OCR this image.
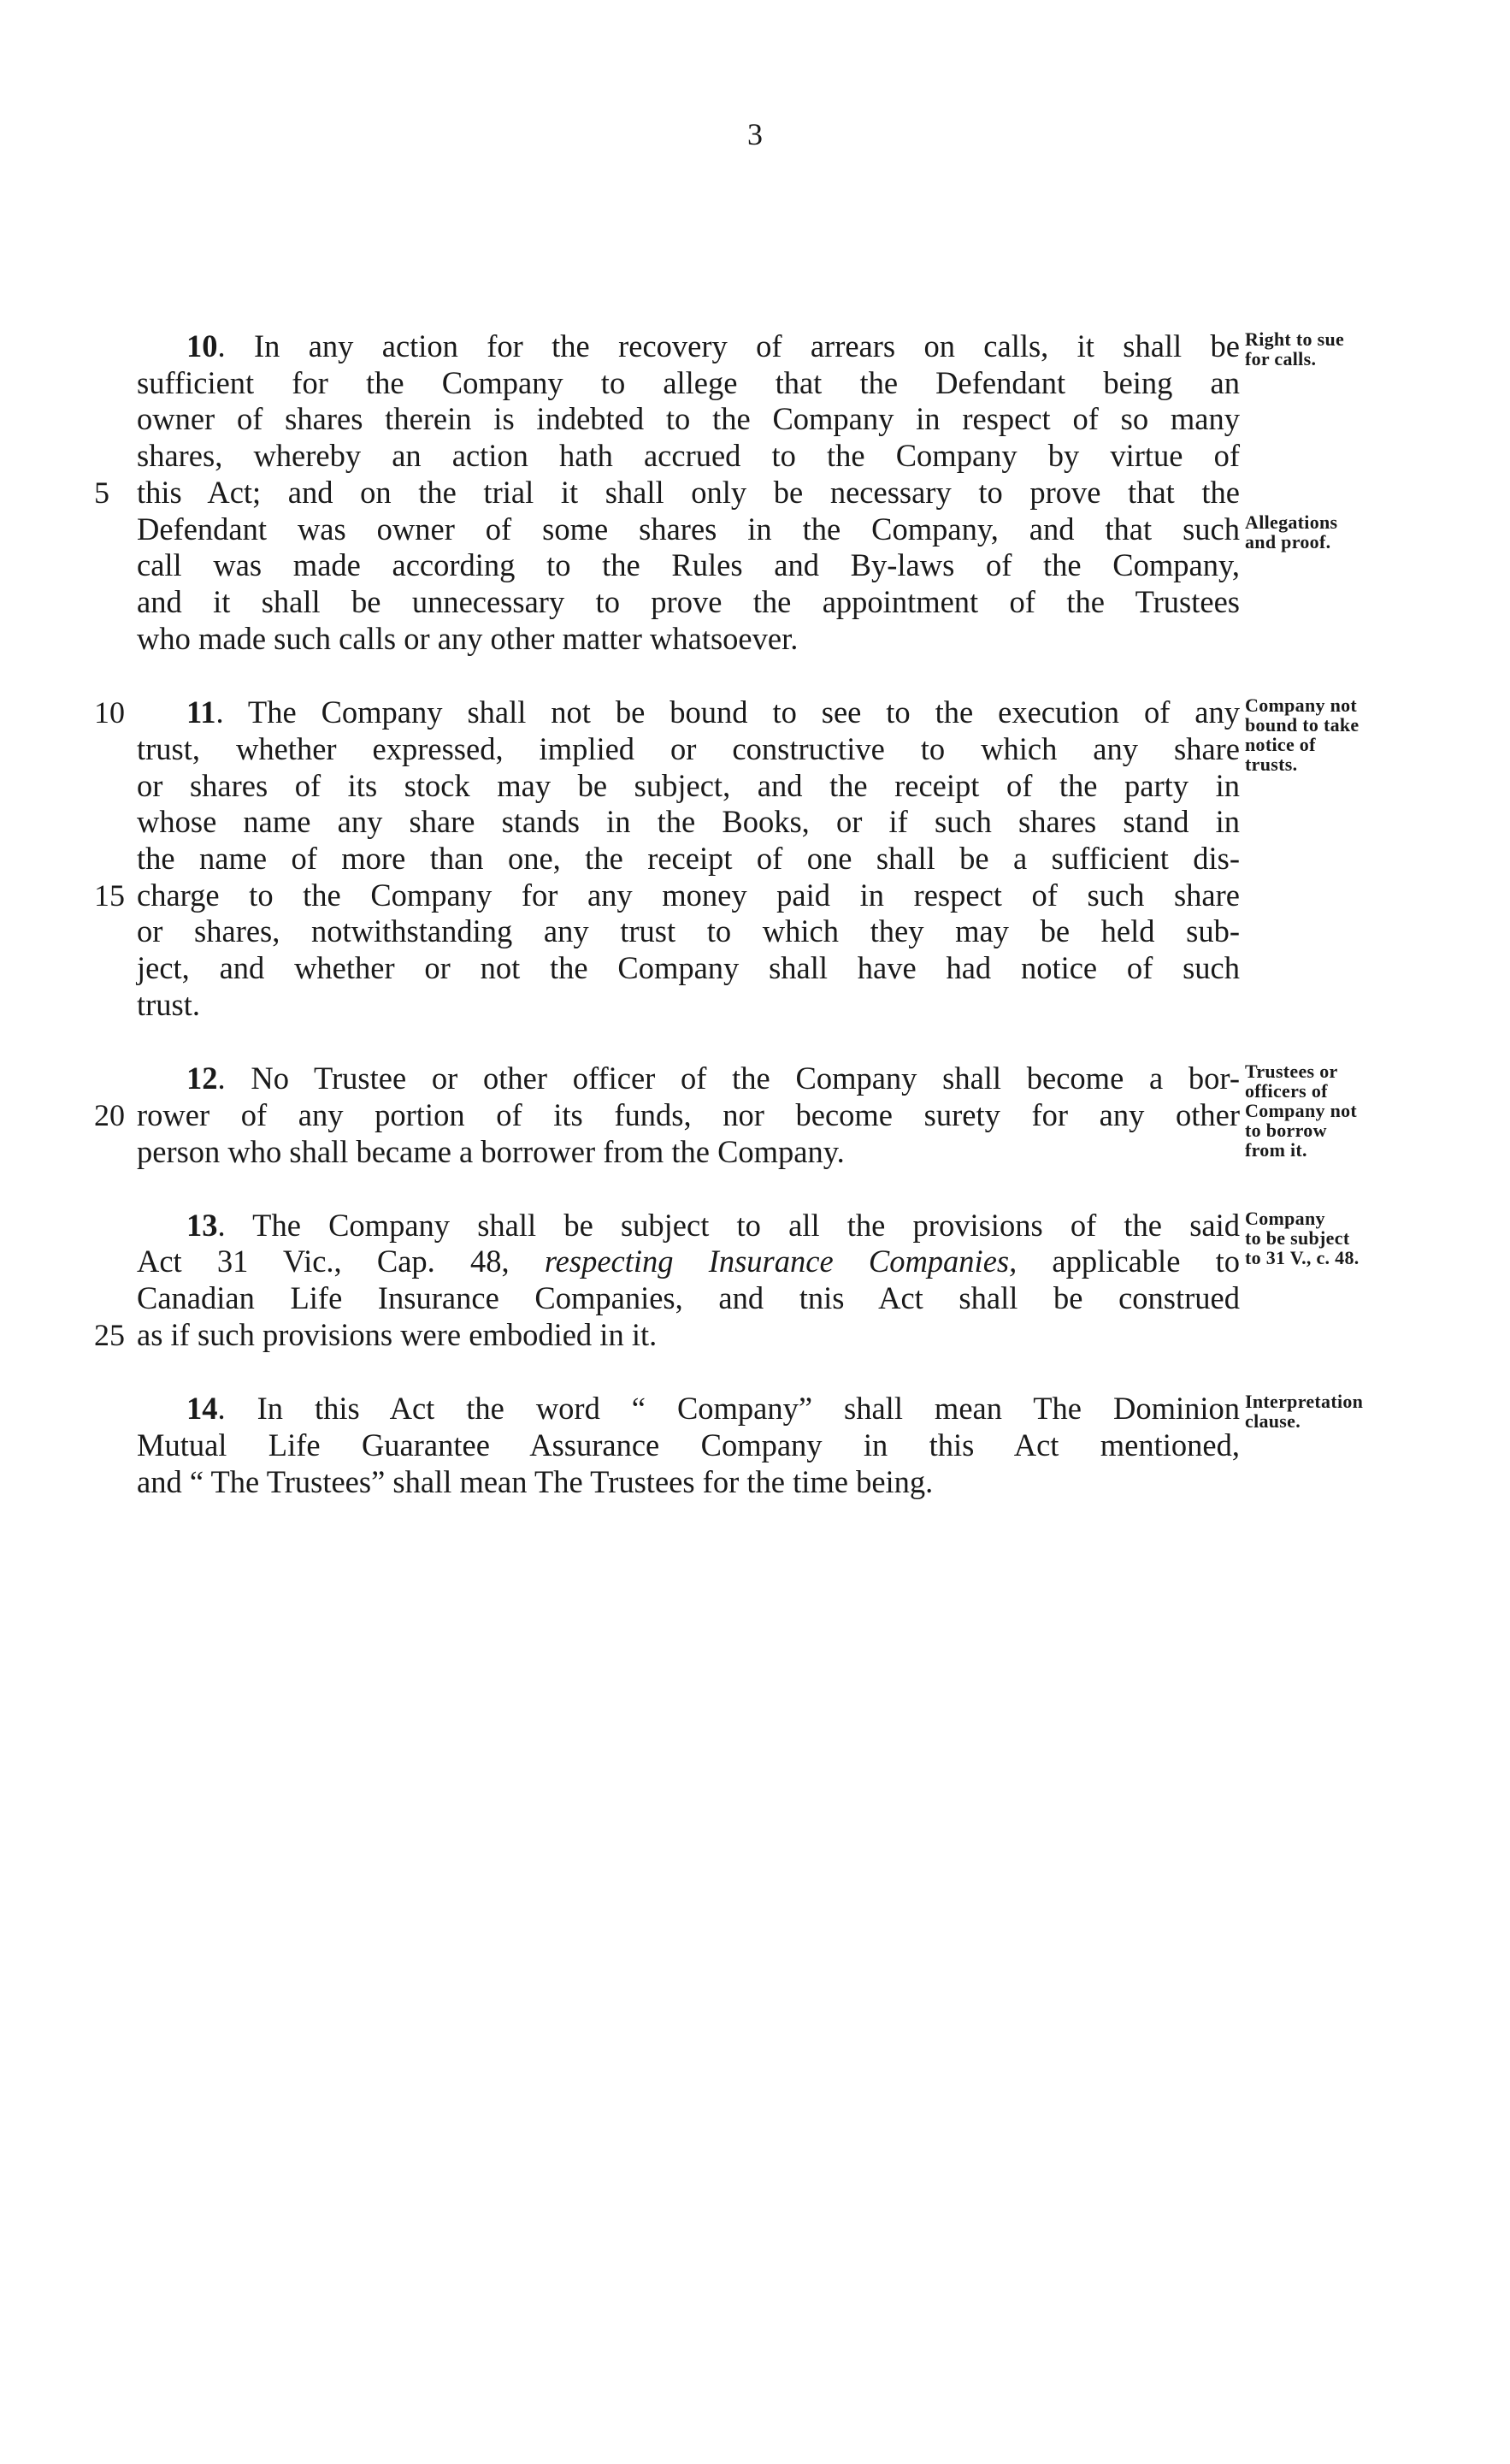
3
10. In any action for the recovery of arrears on calls, it shall be
sufficient for the Company to allege that the Defendant being an
owner of shares therein is indebted to the Company in respect of so many
shares, whereby an action hath accrued to the Company by virtue of
this Act; and on the trial it shall only be necessary to prove that the
Defendant was owner of some shares in the Company, and that such
call was made according to the Rules and By-laws of the Company,
and it shall be unnecessary to prove the appointment of the Trustees
who made such calls or any other matter whatsoever.
11. The Company shall not be bound to see to the execution of any
trust, whether expressed, implied or constructive to which any share
or shares of its stock may be subject, and the receipt of the party in
whose name any share stands in the Books, or if such shares stand in
the name of more than one, the receipt of one shall be a sufficient dis-
charge to the Company for any money paid in respect of such share
or shares, notwithstanding any trust to which they may be held sub-
ject, and whether or not the Company shall have had notice of such
trust.
12. No Trustee or other officer of the Company shall become a bor-
rower of any portion of its funds, nor become surety for any other
person who shall became a borrower from the Company.
13. The Company shall be subject to all the provisions of the said
Act 31 Vic., Cap. 48, respecting Insurance Companies, applicable to
Canadian Life Insurance Companies, and tnis Act shall be construed
as if such provisions were embodied in it.
14. In this Act the word “ Company” shall mean The Dominion
Mutual Life Guarantee Assurance Company in this Act mentioned,
and “ The Trustees” shall mean The Trustees for the time being.
5
10
15
20
25
Right to sue
for calls.
Allegations
and proof.
Company not
bound to take
notice of
trusts.
Trustees or
officers of
Company not
to borrow
from it.
Company
to be subject
to 31 V., c. 48.
Interpretation
clause.
